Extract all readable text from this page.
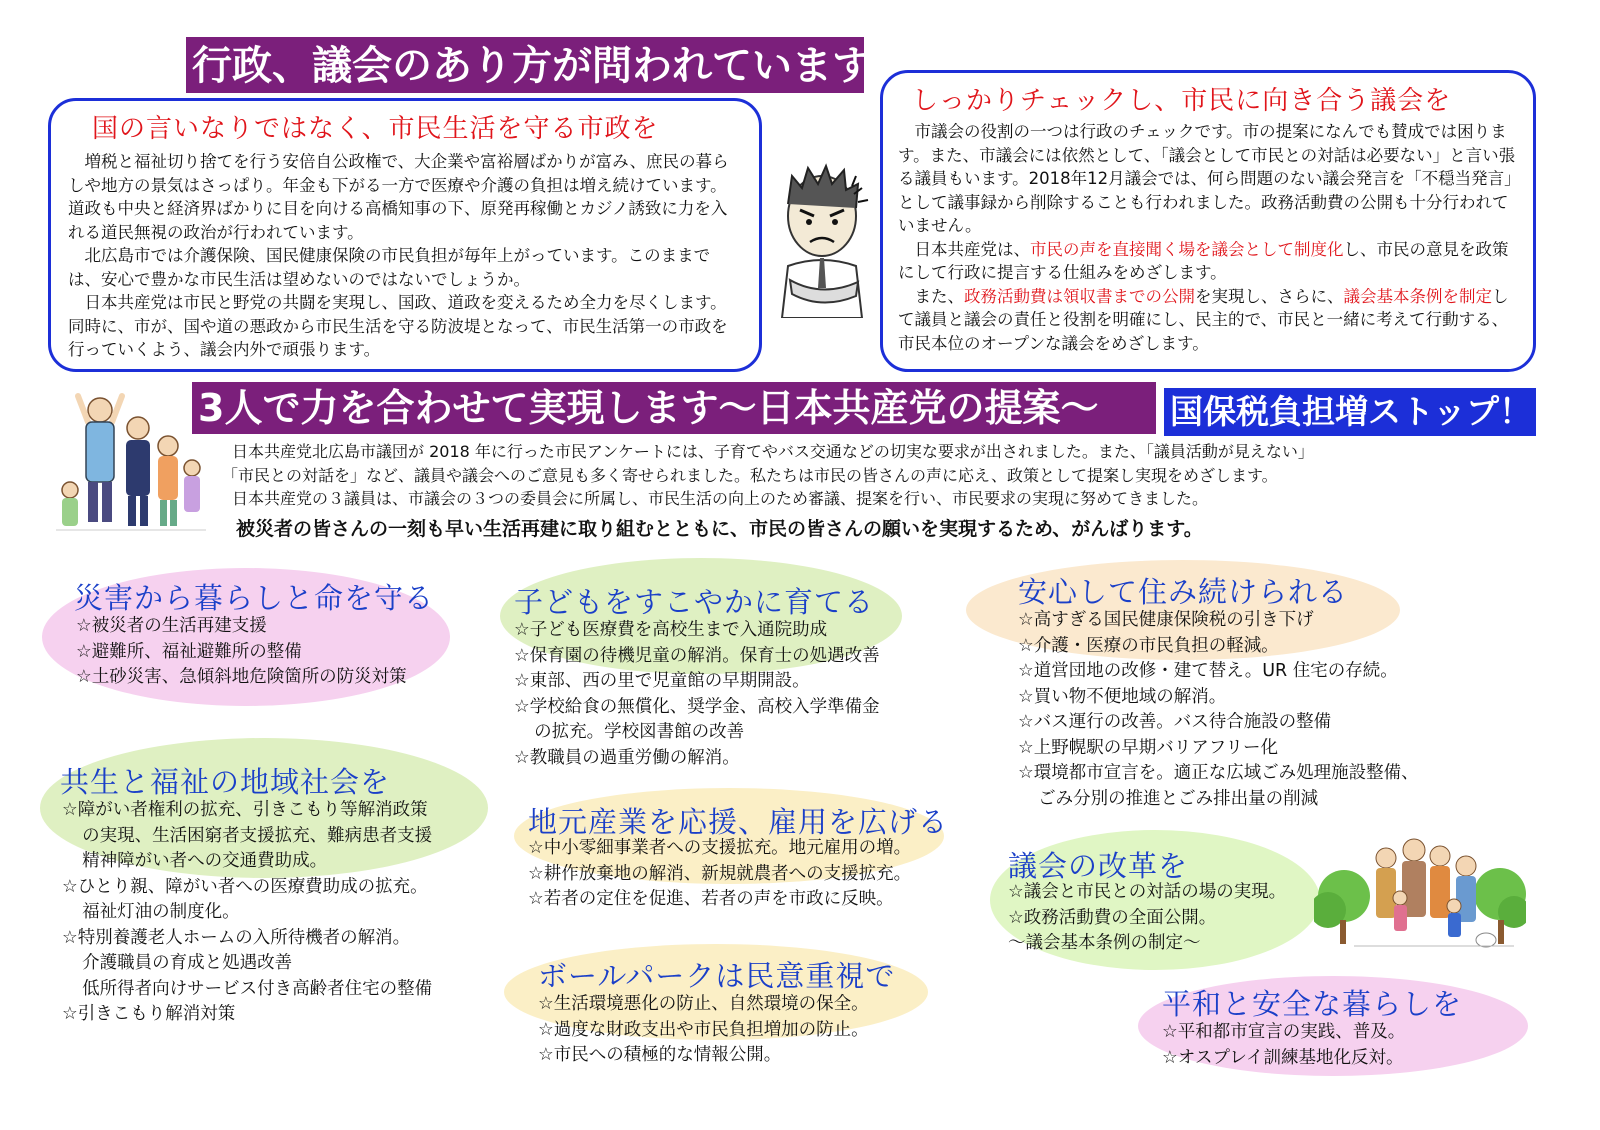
行政、議会のあり方が問われています
国の言いなりではなく、市民生活を守る市政を

増税と福祉切り捨てを行う安倍自公政権で、大企業や富裕層ばかりが富み、庶民の暮らしや地方の景気はさっぱり。年金も下がる一方で医療や介護の負担は増え続けています。道政も中央と経済界ばかりに目を向ける高橋知事の下、原発再稼働とカジノ誘致に力を入れる道民無視の政治が行われています。

北広島市では介護保険、国民健康保険の市民負担が毎年上がっています。このままでは、安心で豊かな市民生活は望めないのではないでしょうか。

日本共産党は市民と野党の共闘を実現し、国政、道政を変えるため全力を尽くします。同時に、市が、国や道の悪政から市民生活を守る防波堤となって、市民生活第一の市政を行っていくよう、議会内外で頑張ります。

しっかりチェックし、市民に向き合う議会を

市議会の役割の一つは行政のチェックです。市の提案になんでも賛成では困ります。また、市議会には依然として、「議会として市民との対話は必要ない」と言い張る議員もいます。2018年12月議会では、何ら問題のない議会発言を「不穏当発言」として議事録から削除することも行われました。政務活動費の公開も十分行われていません。

日本共産党は、市民の声を直接聞く場を議会として制度化し、市民の意見を政策にして行政に提言する仕組みをめざします。

また、政務活動費は領収書までの公開を実現し、さらに、議会基本条例を制定して議員と議会の責任と役割を明確にし、民主的で、市民と一緒に考えて行動する、市民本位のオープンな議会をめざします。

3人で力を合わせて実現します～日本共産党の提案～	国保税負担増ストップ！

日本共産党北広島市議団が 2018 年に行った市民アンケートには、子育てやバス交通などの切実な要求が出されました。また、「議員活動が見えない」

「市民との対話を」など、議員や議会へのご意見も多く寄せられました。私たちは市民の皆さんの声に応え、政策として提案し実現をめざします。

日本共産党の３議員は、市議会の３つの委員会に所属し、市民生活の向上のため審議、提案を行い、市民要求の実現に努めてきました。

被災者の皆さんの一刻も早い生活再建に取り組むとともに、市民の皆さんの願いを実現するため、がんばります。
災害から暮らしと命を守る
☆被災者の生活再建支援
☆避難所、福祉避難所の整備
☆土砂災害、急傾斜地危険箇所の防災対策
共生と福祉の地域社会を
☆障がい者権利の拡充、引きこもり等解消政策
の実現、生活困窮者支援拡充、難病患者支援
精神障がい者への交通費助成。
☆ひとり親、障がい者への医療費助成の拡充。
福祉灯油の制度化。
☆特別養護老人ホームの入所待機者の解消。
介護職員の育成と処遇改善
低所得者向けサービス付き高齢者住宅の整備
☆引きこもり解消対策
子どもをすこやかに育てる
☆子ども医療費を高校生まで入通院助成
☆保育園の待機児童の解消。保育士の処遇改善
☆東部、西の里で児童館の早期開設。
☆学校給食の無償化、奨学金、高校入学準備金
の拡充。学校図書館の改善
☆教職員の過重労働の解消。
地元産業を応援、雇用を広げる
☆中小零細事業者への支援拡充。地元雇用の増。
☆耕作放棄地の解消、新規就農者への支援拡充。
☆若者の定住を促進、若者の声を市政に反映。
ボールパークは民意重視で
☆生活環境悪化の防止、自然環境の保全。
☆過度な財政支出や市民負担増加の防止。
☆市民への積極的な情報公開。
安心して住み続けられる
☆高すぎる国民健康保険税の引き下げ
☆介護・医療の市民負担の軽減。
☆道営団地の改修・建て替え。UR 住宅の存続。
☆買い物不便地域の解消。
☆バス運行の改善。バス待合施設の整備
☆上野幌駅の早期バリアフリー化
☆環境都市宣言を。適正な広域ごみ処理施設整備、
ごみ分別の推進とごみ排出量の削減
議会の改革を
☆議会と市民との対話の場の実現。
☆政務活動費の全面公開。
～議会基本条例の制定～
平和と安全な暮らしを
☆平和都市宣言の実践、普及。
☆オスプレイ訓練基地化反対。
